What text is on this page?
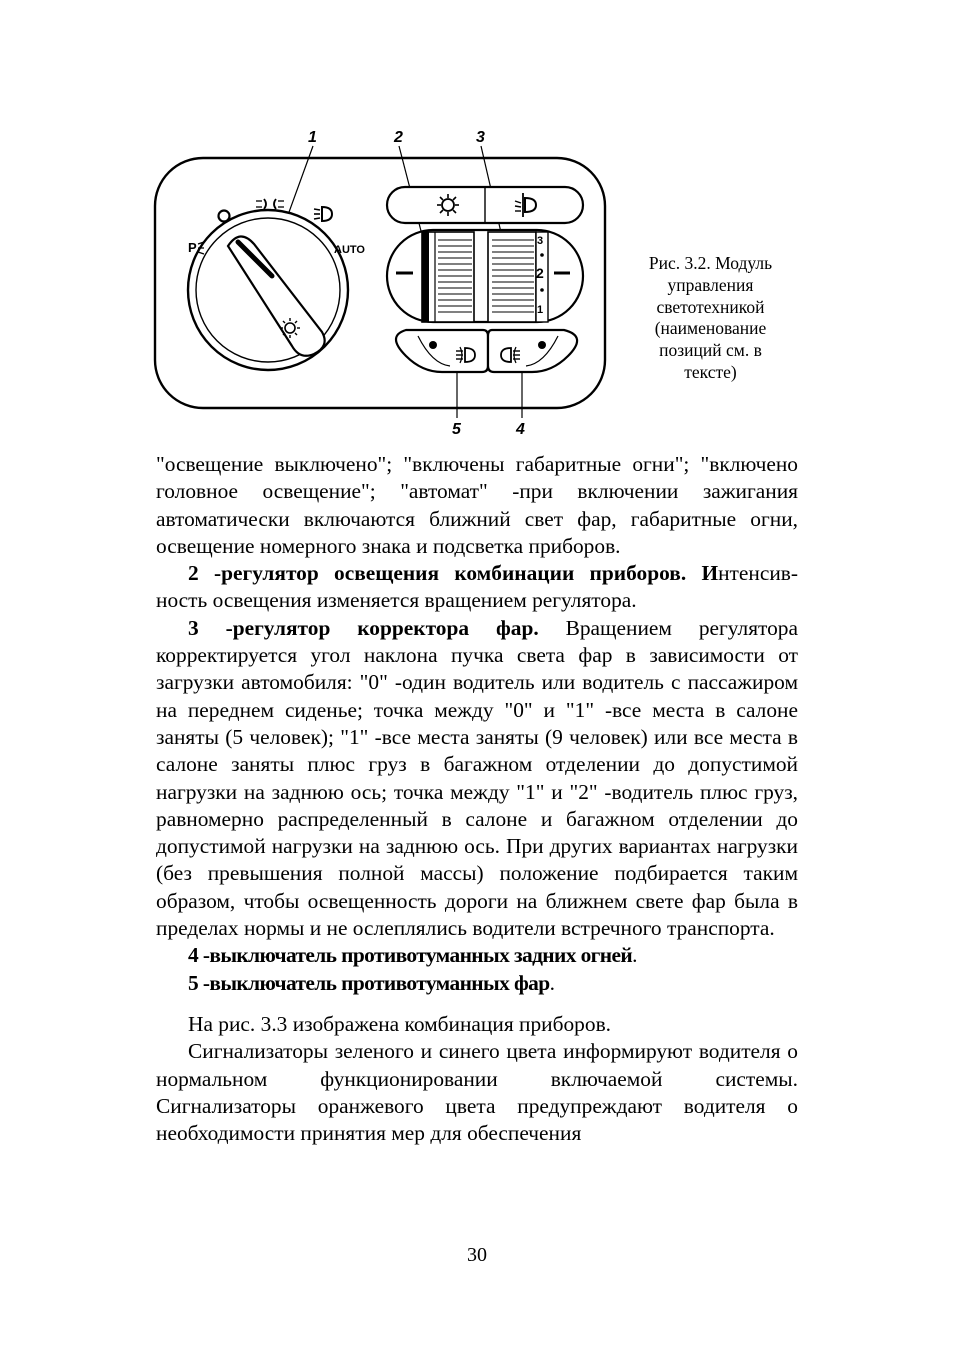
1	2	3
5	4
P	AUTO
3
2
1
Рис. 3.2. Модуль
управления
светотехникой
(наименование
позиций см. в
тексте)

"освещение выключено"; "включены габаритные огни"; "включено головное освещение"; "автомат" -при включении зажигания автоматически включаются ближний свет фар, габаритные огни, освещение номерного знака и подсветка приборов.

2 -регулятор освещения комбинации приборов. Интенсив-ность освещения изменяется вращением регулятора.

3 -регулятор корректора фар. Вращением регулятора корректируется угол наклона пучка света фар в зависимости от загрузки автомобиля: "0" -один водитель или водитель с пассажиром на переднем сиденье; точка между "0" и "1" -все места в салоне заняты (5 человек); "1" -все места заняты (9 человек) или все места в салоне заняты плюс груз в багажном отделении до допустимой нагрузки на заднюю ось; точка между "1" и "2" -водитель плюс груз, равномерно распределенный в салоне и багажном отделении до допустимой нагрузки на заднюю ось. При других вариантах нагрузки (без превышения полной массы) положение подбирается таким образом, чтобы освещенность дороги на ближнем свете фар была в пределах нормы и не ослеплялись водители встречного транспорта.

4 -выключатель противотуманных задних огней.

5 -выключатель противотуманных фар.

На рис. 3.3 изображена комбинация приборов.

Сигнализаторы зеленого и синего цвета информируют водителя о нормальном функционировании включаемой системы. Сигнализаторы оранжевого цвета предупреждают водителя о необходимости принятия мер для обеспечения

30
